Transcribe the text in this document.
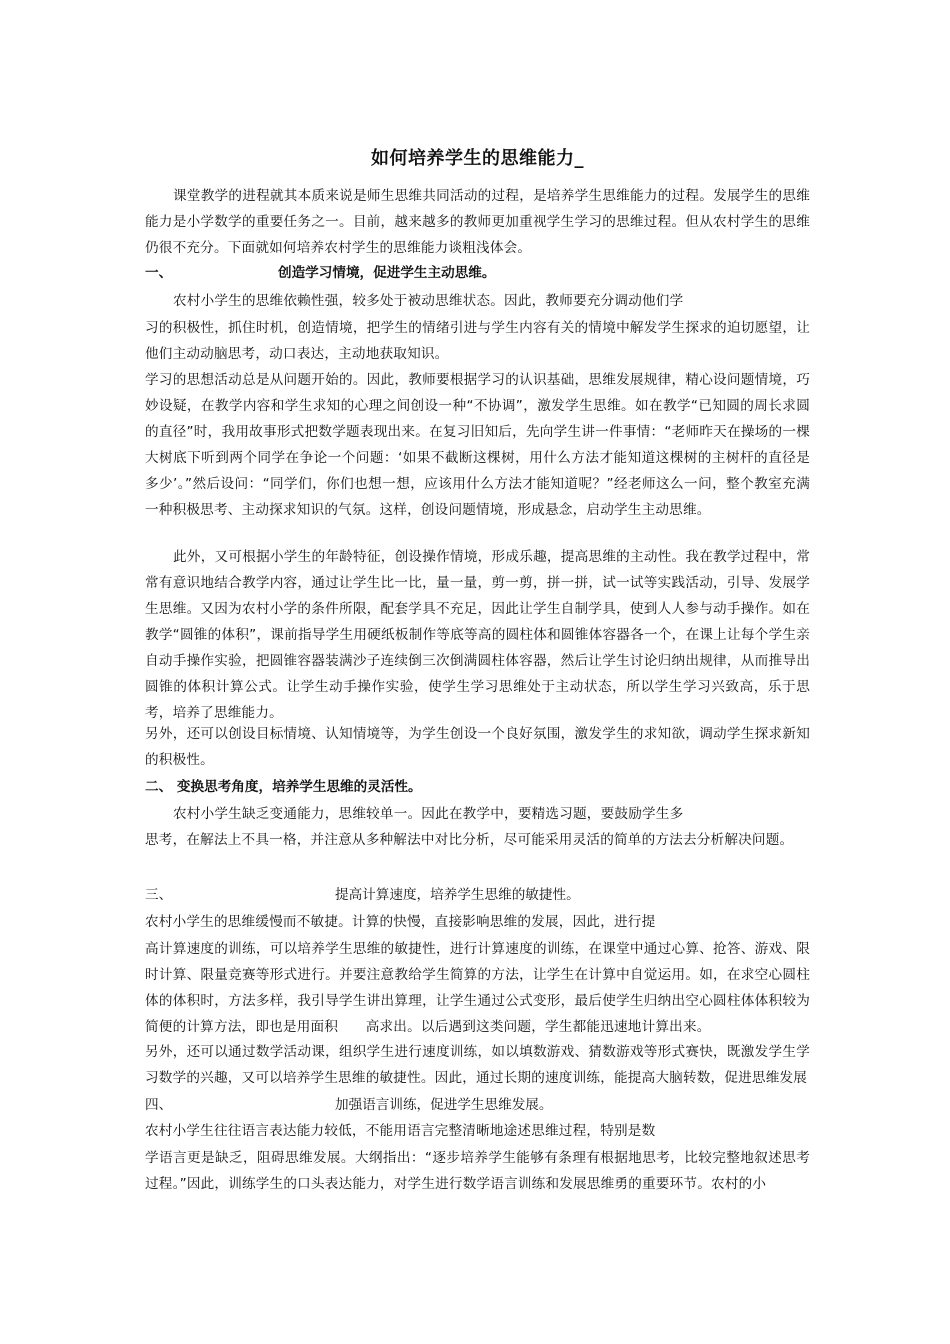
如何培养学生的思维能力_

课堂教学的进程就其本质来说是师生思维共同活动的过程，是培养学生思维能力的过程。发展学生的思维能力是小学数学的重要任务之一。目前，越来越多的教师更加重视学生学习的思维过程。但从农村学生的思维仍很不充分。下面就如何培养农村学生的思维能力谈粗浅体会。

一、	创造学习情境，促进学生主动思维。

农村小学生的思维依赖性强，较多处于被动思维状态。因此，教师要充分调动他们学

习的积极性，抓住时机，创造情境，把学生的情绪引进与学生内容有关的情境中解发学生探求的迫切愿望，让他们主动动脑思考，动口表达，主动地获取知识。

学习的思想活动总是从问题开始的。因此，教师要根据学习的认识基础，思维发展规律，精心设问题情境，巧妙设疑，在教学内容和学生求知的心理之间创设一种“不协调”，激发学生思维。如在教学“已知圆的周长求圆的直径”时，我用故事形式把数学题表现出来。在复习旧知后，先向学生讲一件事情：“老师昨天在操场的一棵大树底下听到两个同学在争论一个问题：‘如果不截断这棵树，用什么方法才能知道这棵树的主树杆的直径是多少’。”然后设问：“同学们，你们也想一想，应该用什么方法才能知道呢？”经老师这么一问，整个教室充满一种积极思考、主动探求知识的气氛。这样，创设问题情境，形成悬念，启动学生主动思维。

此外，又可根据小学生的年龄特征，创设操作情境，形成乐趣，提高思维的主动性。我在教学过程中，常常有意识地结合教学内容，通过让学生比一比，量一量，剪一剪，拼一拼，试一试等实践活动，引导、发展学生思维。又因为农村小学的条件所限，配套学具不充足，因此让学生自制学具，使到人人参与动手操作。如在教学“圆锥的体积”，课前指导学生用硬纸板制作等底等高的圆柱体和圆锥体容器各一个，在课上让每个学生亲自动手操作实验，把圆锥容器装满沙子连续倒三次倒满圆柱体容器，然后让学生讨论归纳出规律，从而推导出圆锥的体积计算公式。让学生动手操作实验，使学生学习思维处于主动状态，所以学生学习兴致高，乐于思考，培养了思维能力。

另外，还可以创设目标情境、认知情境等，为学生创设一个良好氛围，激发学生的求知欲，调动学生探求新知的积极性。

二、 变换思考角度，培养学生思维的灵活性。

农村小学生缺乏变通能力，思维较单一。因此在教学中，要精选习题，要鼓励学生多

思考，在解法上不具一格，并注意从多种解法中对比分析，尽可能采用灵活的简单的方法去分析解决问题。

三、	提高计算速度，培养学生思维的敏捷性。

农村小学生的思维缓慢而不敏捷。计算的快慢，直接影响思维的发展，因此，进行提

高计算速度的训练，可以培养学生思维的敏捷性，进行计算速度的训练，在课堂中通过心算、抢答、游戏、限时计算、限量竞赛等形式进行。并要注意教给学生简算的方法，让学生在计算中自觉运用。如，在求空心圆柱体的体积时，方法多样，我引导学生讲出算理，让学生通过公式变形，最后使学生归纳出空心圆柱体体积较为简便的计算方法，即也是用面积　　高求出。以后遇到这类问题，学生都能迅速地计算出来。

另外，还可以通过数学活动课，组织学生进行速度训练，如以填数游戏、猜数游戏等形式赛快，既激发学生学习数学的兴趣，又可以培养学生思维的敏捷性。因此，通过长期的速度训练，能提高大脑转数，促进思维发展

四、	加强语言训练，促进学生思维发展。

农村小学生往往语言表达能力较低，不能用语言完整清晰地途述思维过程，特别是数

学语言更是缺乏，阻碍思维发展。大纲指出：“逐步培养学生能够有条理有根据地思考，比较完整地叙述思考过程。”因此，训练学生的口头表达能力，对学生进行数学语言训练和发展思维勇的重要环节。农村的小
